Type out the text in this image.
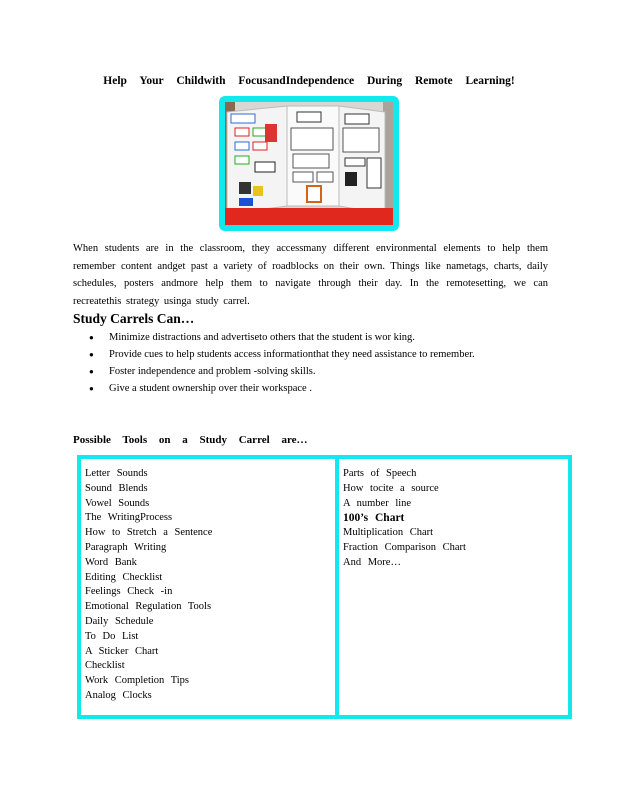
Help Your Childwith FocusandIndependence During Remote Learning!
When students are in the classroom, they accessmany different environmental elements to help them remember content andget past a variety of roadblocks on their own. Things like nametags, charts, daily schedules, posters andmore help them to navigate through their day. In the remotesetting, we can recreatethis strategy usinga study carrel.
Study Carrels Can…
● Minimize distractions and advertiseto others that the student is wor king.
● Provide cues to help students access informationthat they need assistance to remember.
● Foster independence and problem -solving skills.
● Give a student ownership over their workspace .
Possible Tools on a Study Carrel are…
Letter Sounds
Sound Blends
Vowel Sounds
The WritingProcess
How to Stretch a Sentence
Paragraph Writing
Word Bank
Editing Checklist
Feelings Check -in
Emotional Regulation Tools
Daily Schedule
To Do List
A Sticker Chart
Checklist
Work Completion Tips
Analog Clocks
Parts of Speech
How tocite a source
A number line
100’s Chart
Multiplication Chart
Fraction Comparison Chart
And More…
